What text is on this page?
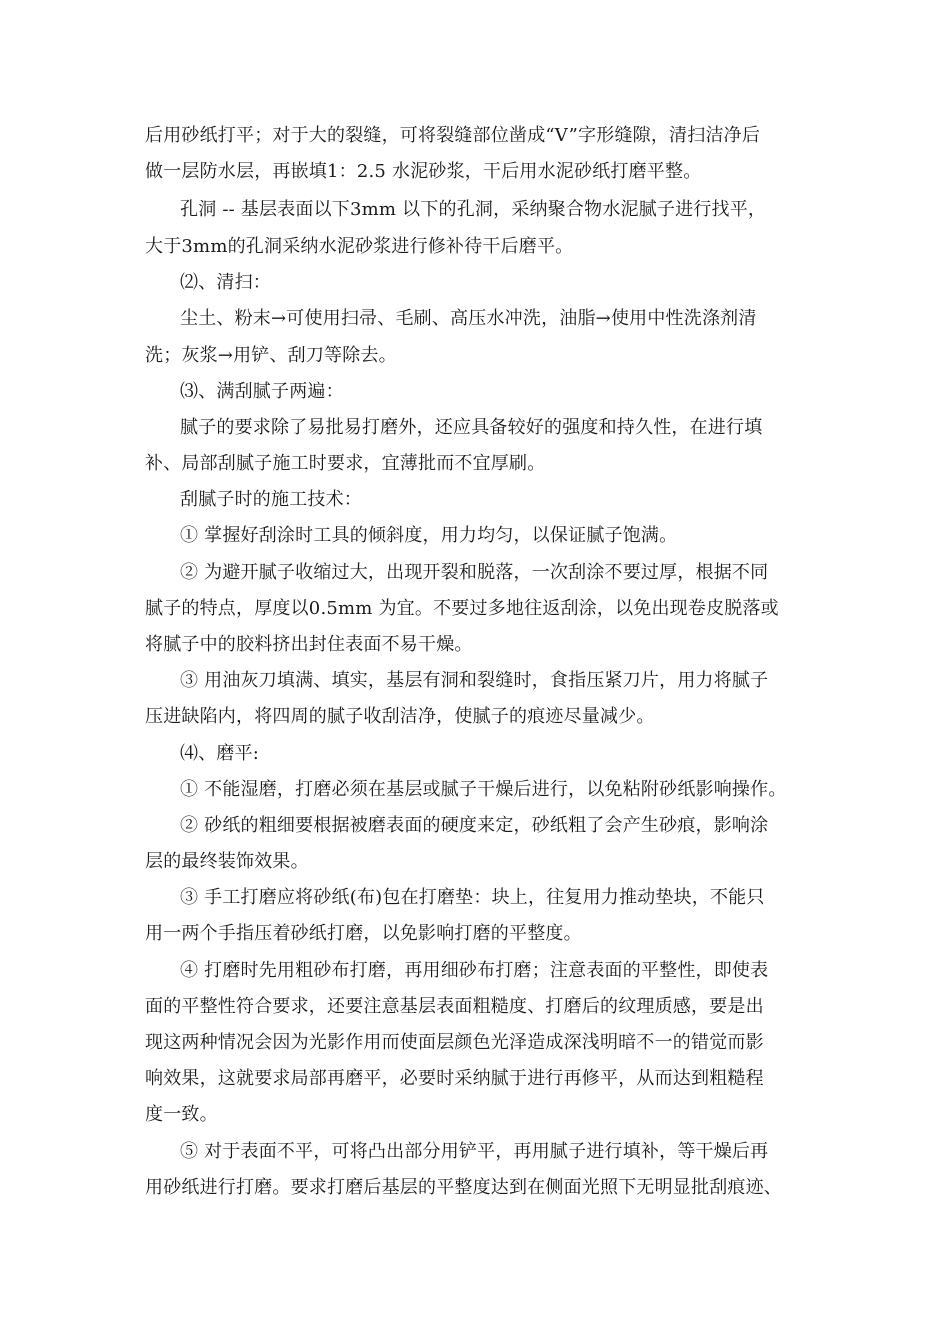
后用砂纸打平；对于大的裂缝，可将裂缝部位凿成“V”字形缝隙，清扫洁净后
做一层防水层，再嵌填1：2.5 水泥砂浆，干后用水泥砂纸打磨平整。
孔洞 -- 基层表面以下3mm 以下的孔洞，采纳聚合物水泥腻子进行找平，
大于3mm的孔洞采纳水泥砂浆进行修补待干后磨平。
⑵、清扫：
尘土、粉末→可使用扫帚、毛刷、高压水冲洗，油脂→使用中性洗涤剂清
洗；灰浆→用铲、刮刀等除去。
⑶、满刮腻子两遍：
腻子的要求除了易批易打磨外，还应具备较好的强度和持久性，在进行填
补、局部刮腻子施工时要求，宜薄批而不宜厚刷。
刮腻子时的施工技术：
① 掌握好刮涂时工具的倾斜度，用力均匀，以保证腻子饱满。
② 为避开腻子收缩过大，出现开裂和脱落，一次刮涂不要过厚，根据不同
腻子的特点，厚度以0.5mm 为宜。不要过多地往返刮涂，以免出现卷皮脱落或
将腻子中的胶料挤出封住表面不易干燥。
③ 用油灰刀填满、填实，基层有洞和裂缝时，食指压紧刀片，用力将腻子
压进缺陷内，将四周的腻子收刮洁净，使腻子的痕迹尽量减少。
⑷、磨平:
① 不能湿磨，打磨必须在基层或腻子干燥后进行，以免粘附砂纸影响操作。
② 砂纸的粗细要根据被磨表面的硬度来定，砂纸粗了会产生砂痕，影响涂
层的最终装饰效果。
③ 手工打磨应将砂纸(布)包在打磨垫：块上，往复用力推动垫块，不能只
用一两个手指压着砂纸打磨，以免影响打磨的平整度。
④ 打磨时先用粗砂布打磨，再用细砂布打磨；注意表面的平整性，即使表
面的平整性符合要求，还要注意基层表面粗糙度、打磨后的纹理质感，要是出
现这两种情况会因为光影作用而使面层颜色光泽造成深浅明暗不一的错觉而影
响效果，这就要求局部再磨平，必要时采纳腻于进行再修平，从而达到粗糙程
度一致。
⑤ 对于表面不平，可将凸出部分用铲平，再用腻子进行填补，等干燥后再
用砂纸进行打磨。要求打磨后基层的平整度达到在侧面光照下无明显批刮痕迹、
